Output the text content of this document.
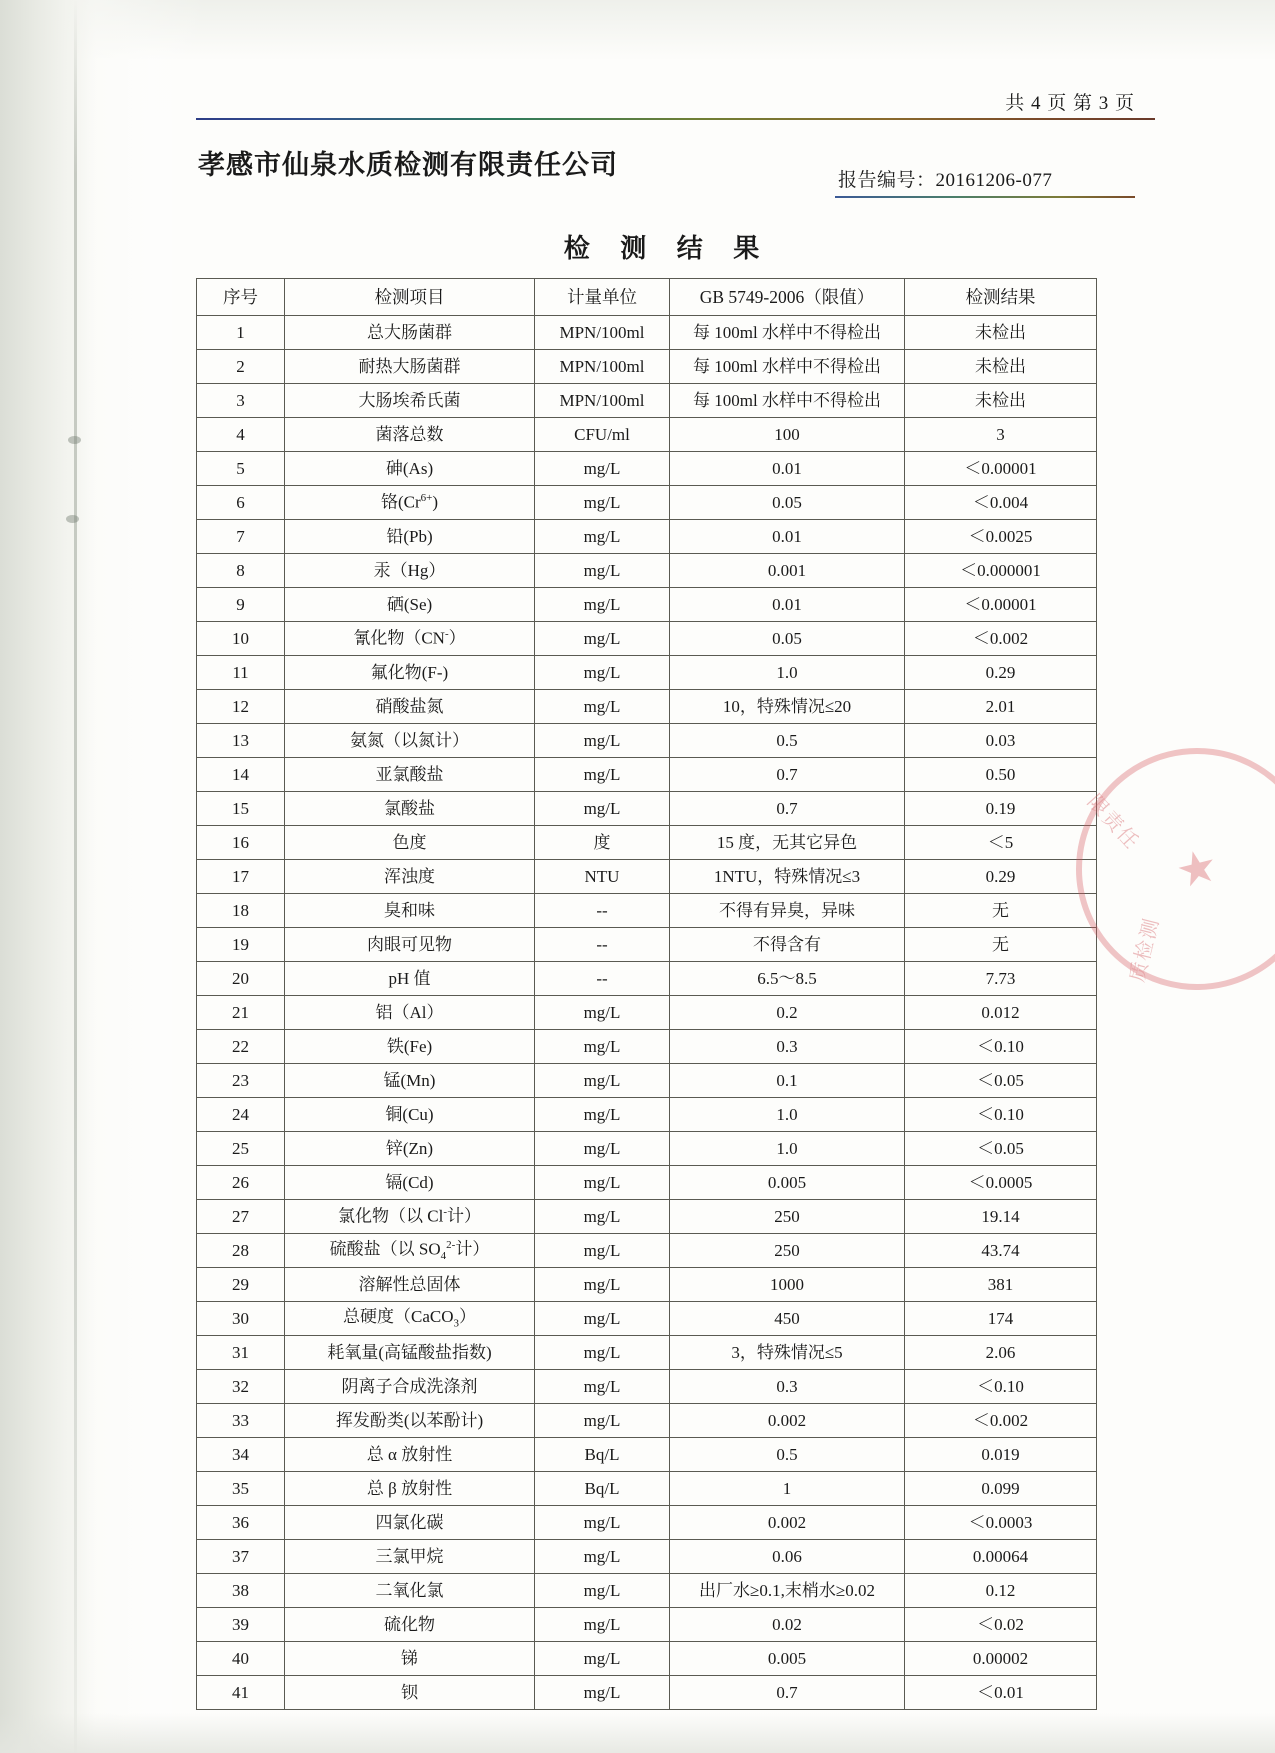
共 4 页 第 3 页
孝感市仙泉水质检测有限责任公司
报告编号：20161206-077
检 测 结 果
序号	检测项目	计量单位	GB 5749-2006（限值）	检测结果
1	总大肠菌群	MPN/100ml	每 100ml 水样中不得检出	未检出
2	耐热大肠菌群	MPN/100ml	每 100ml 水样中不得检出	未检出
3	大肠埃希氏菌	MPN/100ml	每 100ml 水样中不得检出	未检出
4	菌落总数	CFU/ml	100	3
5	砷(As)	mg/L	0.01	＜0.00001
6	铬$(Cr^{6+})$	mg/L	0.05	＜0.004
7	铅(Pb)	mg/L	0.01	＜0.0025
8	汞（Hg）	mg/L	0.001	＜0.000001
9	硒(Se)	mg/L	0.01	＜0.00001
10	氰化物（CN-）	mg/L	0.05	＜0.002
11	氟化物(F-)	mg/L	1.0	0.29
12	硝酸盐氮	mg/L	10，特殊情况≤20	2.01
13	氨氮（以氮计）	mg/L	0.5	0.03
14	亚氯酸盐	mg/L	0.7	0.50
15	氯酸盐	mg/L	0.7	0.19
16	色度	度	15 度，无其它异色	＜5
17	浑浊度	NTU	1NTU，特殊情况≤3	0.29
18	臭和味	--	不得有异臭，异味	无
19	肉眼可见物	--	不得含有	无
20	pH 值	--	6.5～8.5	7.73
21	铝（Al）	mg/L	0.2	0.012
22	铁(Fe)	mg/L	0.3	＜0.10
23	锰(Mn)	mg/L	0.1	＜0.05
24	铜(Cu)	mg/L	1.0	＜0.10
25	锌(Zn)	mg/L	1.0	＜0.05
26	镉(Cd)	mg/L	0.005	＜0.0005
27	氯化物（以 Cl-计）	mg/L	250	19.14
28	硫酸盐（以 $SO_4^{2-}$计）	mg/L	250	43.74
29	溶解性总固体	mg/L	1000	381
30	总硬度（CaCO$_3$）	mg/L	450	174
31	耗氧量(高锰酸盐指数)	mg/L	3，特殊情况≤5	2.06
32	阴离子合成洗涤剂	mg/L	0.3	＜0.10
33	挥发酚类(以苯酚计)	mg/L	0.002	＜0.002
34	总 α 放射性	Bq/L	0.5	0.019
35	总 β 放射性	Bq/L	1	0.099
36	四氯化碳	mg/L	0.002	＜0.0003
37	三氯甲烷	mg/L	0.06	0.00064
38	二氧化氯	mg/L	出厂水≥0.1,末梢水≥0.02	0.12
39	硫化物	mg/L	0.02	＜0.02
40	锑	mg/L	0.005	0.00002
41	钡	mg/L	0.7	＜0.01
限责任
★
质检测
